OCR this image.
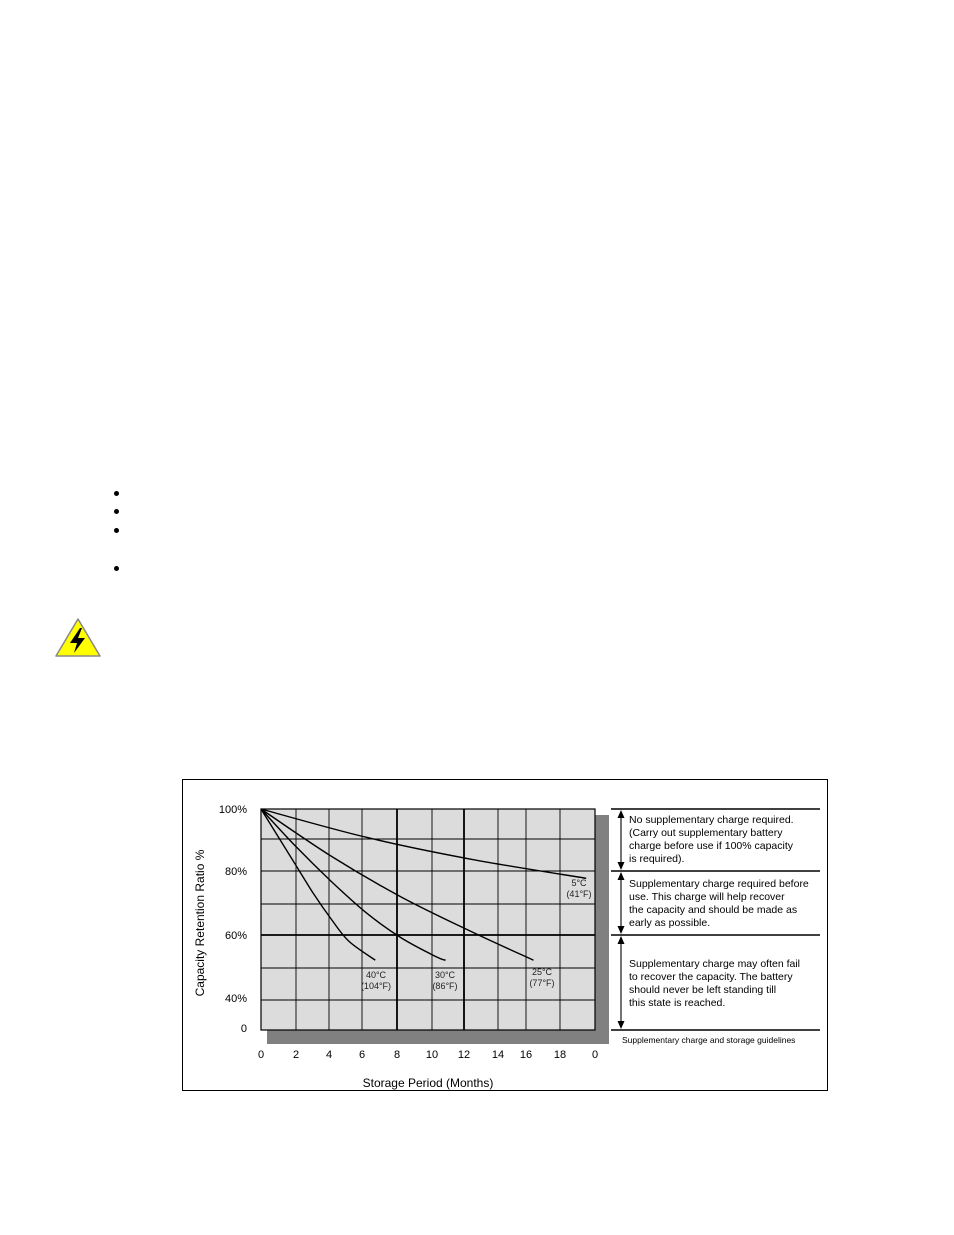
100%
80%
60%
40%
0
0	2 4 6	8 10 12 14 16 18 0
Storage Period (Months)
Capacity Retention Ratio %	40°C (104°F)
30°C (86°F)
25°C (77°F)
5°C (41°F)
No supplementary charge required. (Carry out supplementary battery charge before use if 100% capacity is required).
Supplementary charge required before use. This charge will help recover the capacity and should be made as early as possible.
Supplementary charge may often fail to recover the capacity. The battery should never be left standing till this state is reached.
Supplementary charge and storage guidelines
